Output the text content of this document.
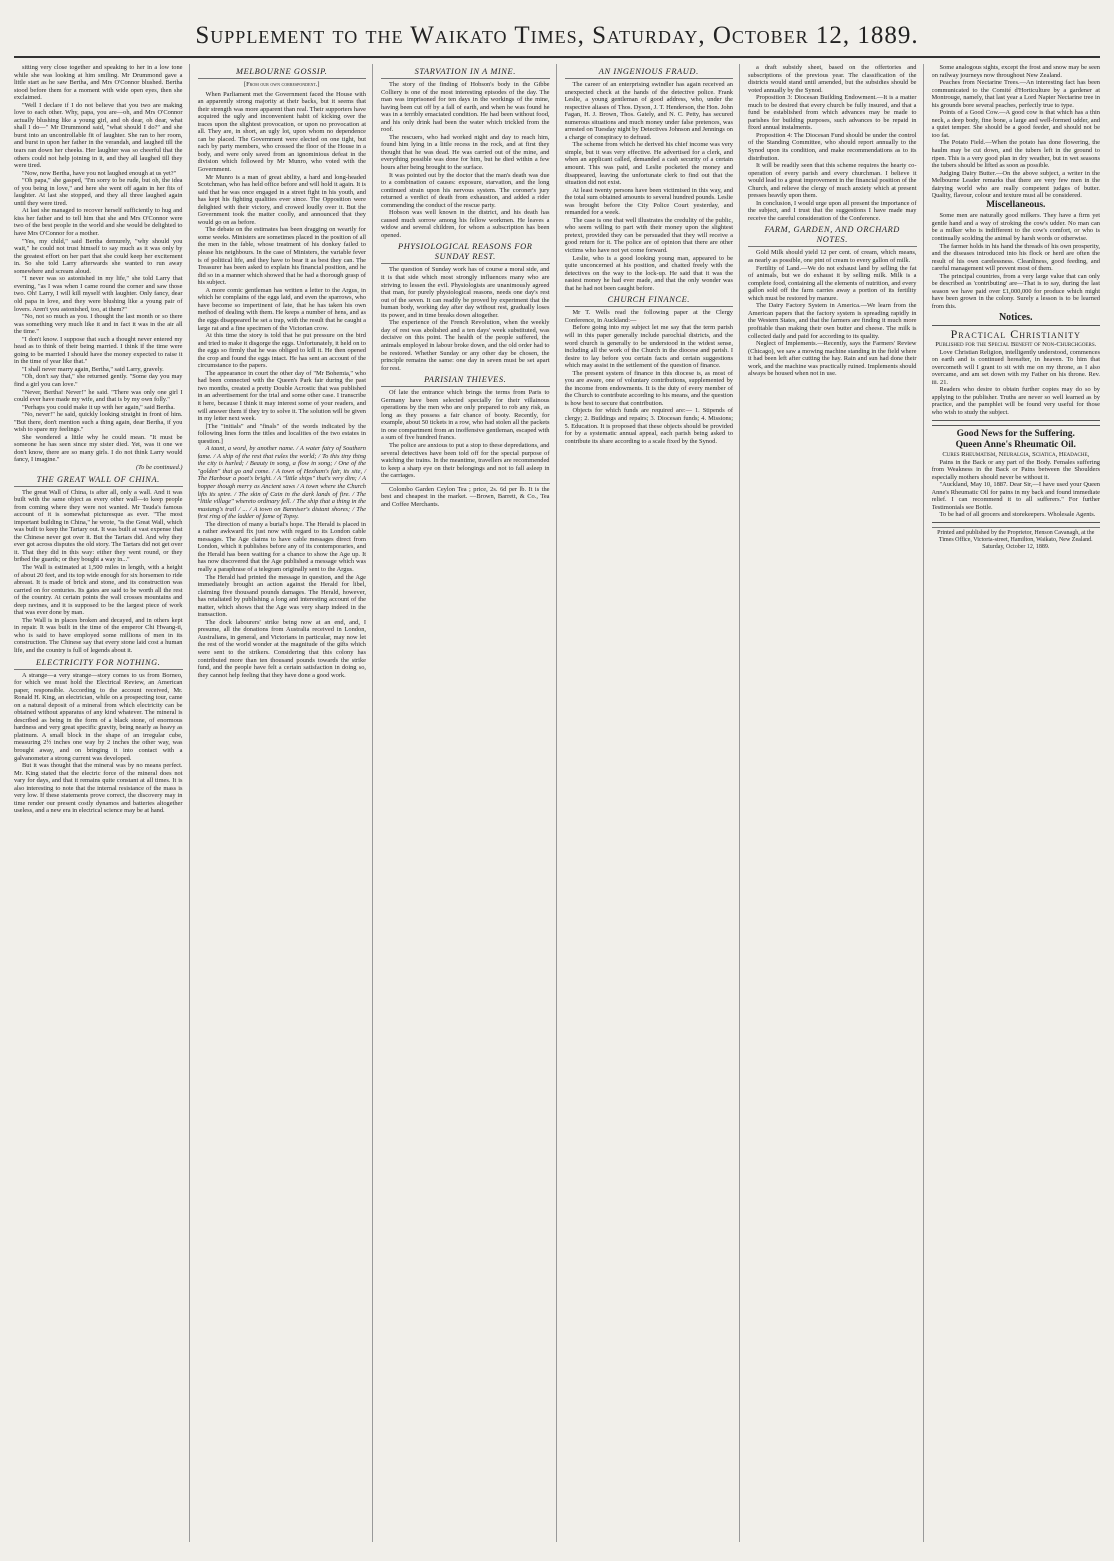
Supplement to the Waikato Times, Saturday, October 12, 1889.

sitting very close together and speaking to her in a low tone while she was looking at him smiling. Mr Drummond gave a little start as he saw Bertha, and Mrs O'Connor blushed. Bertha stood before them for a moment with wide open eyes, then she exclaimed.

"Well I declare if I do not believe that you two are making love to each other. Why, papa, you are—oh, and Mrs O'Connor actually blushing like a young girl, and oh dear, oh dear, what shall I do—" Mr Drummond said, "what should I do?" and she burst into an uncontrollable fit of laughter. She ran to her room, and burst in upon her father in the verandah, and laughed till the tears ran down her cheeks. Her laughter was so cheerful that the others could not help joining in it, and they all laughed till they were tired.

"Now, now Bertha, have you not laughed enough at us yet?"

"Oh papa," she gasped, "I'm sorry to be rude, but oh, the idea of you being in love," and here she went off again in her fits of laughter. At last she stopped, and they all three laughed again until they were tired.

At last she managed to recover herself sufficiently to hug and kiss her father and to tell him that she and Mrs O'Connor were two of the best people in the world and she would be delighted to have Mrs O'Connor for a mother.

"Yes, my child," said Bertha demurely, "why should you wait," he could not trust himself to say much as it was only by the greatest effort on her part that she could keep her excitement in. So she told Larry afterwards she wanted to run away somewhere and scream aloud.

"I never was so astonished in my life," she told Larry that evening, "as I was when I came round the corner and saw those two. Oh! Larry, I will kill myself with laughter. Only fancy, dear old papa in love, and they were blushing like a young pair of lovers. Aren't you astonished, too, at them?"

"No, not so much as you. I thought the last month or so there was something very much like it and in fact it was in the air all the time."

"I don't know. I suppose that such a thought never entered my head as to think of their being married. I think if the time were going to be married I should have the money expected to raise it in the time of year like that."

"I shall never marry again, Bertha," said Larry, gravely.

"Oh, don't say that," she returned gently. "Some day you may find a girl you can love."

"Never, Bertha! Never!" he said. "There was only one girl I could ever have made my wife, and that is by my own folly."

"Perhaps you could make it up with her again," said Bertha.

"No, never!" he said, quickly looking straight in front of him. "But there, don't mention such a thing again, dear Bertha, if you wish to spare my feelings."

She wondered a little why he could mean. "It must be someone he has seen since my sister died. Yet, was it one we don't know, there are so many girls. I do not think Larry would fancy, I imagine."

(To be continued.)

THE GREAT WALL OF CHINA.

The great Wall of China, is after all, only a wall. And it was built with the same object as every other wall—to keep people from coming where they were not wanted. Mr Tsuda's famous account of it is somewhat picturesque as ever. "The most important building in China," he wrote, "is the Great Wall, which was built to keep the Tartary out. It was built at vast expense that the Chinese never got over it. But the Tartars did. And why they ever got across disputes the old story. The Tartars did not get over it. That they did in this way: either they went round, or they bribed the guards; or they bought a way in..."

The Wall is estimated at 1,500 miles in length, with a height of about 20 feet, and its top wide enough for six horsemen to ride abreast. It is made of brick and stone, and its construction was carried on for centuries. Its gates are said to be worth all the rest of the country. At certain points the wall crosses mountains and deep ravines, and it is supposed to be the largest piece of work that was ever done by man.

The Wall is in places broken and decayed, and in others kept in repair. It was built in the time of the emperor Chi Hwang-ti, who is said to have employed some millions of men in its construction. The Chinese say that every stone laid cost a human life, and the country is full of legends about it.

ELECTRICITY FOR NOTHING.

A strange—a very strange—story comes to us from Borneo, for which we must hold the Electrical Review, an American paper, responsible. According to the account received, Mr. Ronald H. King, an electrician, while on a prospecting tour, came on a natural deposit of a mineral from which electricity can be obtained without apparatus of any kind whatever. The mineral is described as being in the form of a black stone, of enormous hardness and very great specific gravity, being nearly as heavy as platinum. A small block in the shape of an irregular cube, measuring 2½ inches one way by 2 inches the other way, was brought away, and on bringing it into contact with a galvanometer a strong current was developed.

But it was thought that the mineral was by no means perfect. Mr. King stated that the electric force of the mineral does not vary for days, and that it remains quite constant at all times. It is also interesting to note that the internal resistance of the mass is very low. If these statements prove correct, the discovery may in time render our present costly dynamos and batteries altogether useless, and a new era in electrical science may be at hand.

MELBOURNE GOSSIP.
[From our own correspondent.]

When Parliament met the Government faced the House with an apparently strong majority at their backs, but it seems that their strength was more apparent than real. Their supporters have acquired the ugly and inconvenient habit of kicking over the traces upon the slightest provocation, or upon no provocation at all. They are, in short, an ugly lot, upon whom no dependence can be placed. The Government were elected on one tight, but each by party members, who crossed the floor of the House in a body, and were only saved from an ignominious defeat in the division which followed by Mr Munro, who voted with the Government.

Mr Munro is a man of great ability, a hard and long-headed Scotchman, who has held office before and will hold it again. It is said that he was once engaged in a street fight in his youth, and has kept his fighting qualities ever since. The Opposition were delighted with their victory, and crowed loudly over it. But the Government took the matter coolly, and announced that they would go on as before.

The debate on the estimates has been dragging on wearily for some weeks. Ministers are sometimes placed in the position of all the men in the fable, whose treatment of his donkey failed to please his neighbours. In the case of Ministers, the variable fever is of political life, and they have to bear it as best they can. The Treasurer has been asked to explain his financial position, and he did so in a manner which showed that he had a thorough grasp of his subject.

A more comic gentleman has written a letter to the Argus, in which he complains of the eggs laid, and even the sparrows, who have become so impertinent of late, that he has taken his own method of dealing with them. He keeps a number of hens, and as the eggs disappeared he set a trap, with the result that he caught a large rat and a fine specimen of the Victorian crow.

At this time the story is told that he put pressure on the bird and tried to make it disgorge the eggs. Unfortunately, it held on to the eggs so firmly that he was obliged to kill it. He then opened the crop and found the eggs intact. He has sent an account of the circumstance to the papers.

The appearance in court the other day of "Mr Bohemia," who had been connected with the Queen's Park fair during the past two months, created a pretty Double Acrostic that was published in an advertisement for the trial and some other case. I transcribe it here, because I think it may interest some of your readers, and will answer them if they try to solve it. The solution will be given in my letter next week.

[The "initials" and "finals" of the words indicated by the following lines form the titles and localities of the two estates in question.]

A taunt, a word, by another name. / A water fairy of Southern fame. / A ship of the rest that rules the world; / To this tiny thing the city is hurled; / Beauty in song, a flow in song; / One of the "golden" that go and come. / A town of Hexham's fair, its site, / The Harbour a poet's bright. / A "little ships" that's very dim; / A hopper though merry as Ancient saws / A town where the Church lifts its spire. / The skin of Cain in the dark lands of fire. / The "little village" whereto ordinary fell. / The ship that a thing in the mustang's trail / ... / A town on Banniser's distant shores; / The first ring of the ladder of fame of Topsy.

The direction of many a burial's hope. The Herald is placed in a rather awkward fix just now with regard to its London cable messages. The Age claims to have cable messages direct from London, which it publishes before any of its contemporaries, and the Herald has been waiting for a chance to show the Age up. It has now discovered that the Age published a message which was really a paraphrase of a telegram originally sent to the Argus.

The Herald had printed the message in question, and the Age immediately brought an action against the Herald for libel, claiming five thousand pounds damages. The Herald, however, has retaliated by publishing a long and interesting account of the matter, which shows that the Age was very sharp indeed in the transaction.

The dock labourers' strike being now at an end, and, I presume, all the donations from Australia received in London, Australians, in general, and Victorians in particular, may now let the rest of the world wonder at the magnitude of the gifts which were sent to the strikers. Considering that this colony has contributed more than ten thousand pounds towards the strike fund, and the people have felt a certain satisfaction in doing so, they cannot help feeling that they have done a good work.

STARVATION IN A MINE.

The story of the finding of Hobson's body in the Gibbe Colliery is one of the most interesting episodes of the day. The man was imprisoned for ten days in the workings of the mine, having been cut off by a fall of earth, and when he was found he was in a terribly emaciated condition. He had been without food, and his only drink had been the water which trickled from the roof.

The rescuers, who had worked night and day to reach him, found him lying in a little recess in the rock, and at first they thought that he was dead. He was carried out of the mine, and everything possible was done for him, but he died within a few hours after being brought to the surface.

It was pointed out by the doctor that the man's death was due to a combination of causes: exposure, starvation, and the long continued strain upon his nervous system. The coroner's jury returned a verdict of death from exhaustion, and added a rider commending the conduct of the rescue party.

Hobson was well known in the district, and his death has caused much sorrow among his fellow workmen. He leaves a widow and several children, for whom a subscription has been opened.

PHYSIOLOGICAL REASONS FOR SUNDAY REST.

The question of Sunday work has of course a moral side, and it is that side which most strongly influences many who are striving to lessen the evil. Physiologists are unanimously agreed that man, for purely physiological reasons, needs one day's rest out of the seven. It can readily be proved by experiment that the human body, working day after day without rest, gradually loses its power, and in time breaks down altogether.

The experience of the French Revolution, when the weekly day of rest was abolished and a ten days' week substituted, was decisive on this point. The health of the people suffered, the animals employed in labour broke down, and the old order had to be restored. Whether Sunday or any other day be chosen, the principle remains the same: one day in seven must be set apart for rest.

PARISIAN THIEVES.

Of late the entrance which brings the terms from Paris to Germany have been selected specially for their villainous operations by the men who are only prepared to rob any risk, as long as they possess a fair chance of booty. Recently, for example, about 50 tickets in a row, who had stolen all the packets in one compartment from an inoffensive gentleman, escaped with a sum of five hundred francs.

The police are anxious to put a stop to these depredations, and several detectives have been told off for the special purpose of watching the trains. In the meantime, travellers are recommended to keep a sharp eye on their belongings and not to fall asleep in the carriages.

Colombo Garden Ceylon Tea ; price, 2s. 6d per lb. It is the best and cheapest in the market. —Brown, Barrett, & Co., Tea and Coffee Merchants.

AN INGENIOUS FRAUD.

The career of an enterprising swindler has again received an unexpected check at the hands of the detective police. Frank Leslie, a young gentleman of good address, who, under the respective aliases of Thos. Dyson, J. T. Henderson, the Hon. John Fagan, H. J. Brown, Thos. Gately, and N. C. Petty, has secured numerous situations and much money under false pretences, was arrested on Tuesday night by Detectives Johnson and Jennings on a charge of conspiracy to defraud.

The scheme from which he derived his chief income was very simple, but it was very effective. He advertised for a clerk, and when an applicant called, demanded a cash security of a certain amount. This was paid, and Leslie pocketed the money and disappeared, leaving the unfortunate clerk to find out that the situation did not exist.

At least twenty persons have been victimised in this way, and the total sum obtained amounts to several hundred pounds. Leslie was brought before the City Police Court yesterday, and remanded for a week.

The case is one that well illustrates the credulity of the public, who seem willing to part with their money upon the slightest pretext, provided they can be persuaded that they will receive a good return for it. The police are of opinion that there are other victims who have not yet come forward.

Leslie, who is a good looking young man, appeared to be quite unconcerned at his position, and chatted freely with the detectives on the way to the lock-up. He said that it was the easiest money he had ever made, and that the only wonder was that he had not been caught before.

CHURCH FINANCE.

Mr T. Wells read the following paper at the Clergy Conference, in Auckland:—

Before going into my subject let me say that the term parish will in this paper generally include parochial districts, and the word church is generally to be understood in the widest sense, including all the work of the Church in the diocese and parish. I desire to lay before you certain facts and certain suggestions which may assist in the settlement of the question of finance.

The present system of finance in this diocese is, as most of you are aware, one of voluntary contributions, supplemented by the income from endowments. It is the duty of every member of the Church to contribute according to his means, and the question is how best to secure that contribution.

Objects for which funds are required are:— 1. Stipends of clergy; 2. Buildings and repairs; 3. Diocesan funds; 4. Missions; 5. Education. It is proposed that these objects should be provided for by a systematic annual appeal, each parish being asked to contribute its share according to a scale fixed by the Synod.

a draft subsidy sheet, based on the offertories and subscriptions of the previous year. The classification of the districts would stand until amended, but the subsidies should be voted annually by the Synod.

Proposition 3: Diocesan Building Endowment.—It is a matter much to be desired that every church be fully insured, and that a fund be established from which advances may be made to parishes for building purposes, such advances to be repaid in fixed annual instalments.

Proposition 4: The Diocesan Fund should be under the control of the Standing Committee, who should report annually to the Synod upon its condition, and make recommendations as to its distribution.

It will be readily seen that this scheme requires the hearty co-operation of every parish and every churchman. I believe it would lead to a great improvement in the financial position of the Church, and relieve the clergy of much anxiety which at present presses heavily upon them.

In conclusion, I would urge upon all present the importance of the subject, and I trust that the suggestions I have made may receive the careful consideration of the Conference.

FARM, GARDEN, AND ORCHARD NOTES.

Gold Milk should yield 12 per cent. of cream, which means, as nearly as possible, one pint of cream to every gallon of milk.

Fertility of Land.—We do not exhaust land by selling the fat of animals, but we do exhaust it by selling milk. Milk is a complete food, containing all the elements of nutrition, and every gallon sold off the farm carries away a portion of its fertility which must be restored by manure.

The Dairy Factory System in America.—We learn from the American papers that the factory system is spreading rapidly in the Western States, and that the farmers are finding it much more profitable than making their own butter and cheese. The milk is collected daily and paid for according to its quality.

Neglect of Implements.—Recently, says the Farmers' Review (Chicago), we saw a mowing machine standing in the field where it had been left after cutting the hay. Rain and sun had done their work, and the machine was practically ruined. Implements should always be housed when not in use.

Some analogous sights, except the frost and snow may be seen on railway journeys now throughout New Zealand.

Peaches from Nectarine Trees.—An interesting fact has been communicated to the Comité d'Horticulture by a gardener at Montrouge, namely, that last year a Lord Napier Nectarine tree in his grounds bore several peaches, perfectly true to type.

Points of a Good Cow.—A good cow is that which has a thin neck, a deep body, fine bone, a large and well-formed udder, and a quiet temper. She should be a good feeder, and should not be too fat.

The Potato Field.—When the potato has done flowering, the haulm may be cut down, and the tubers left in the ground to ripen. This is a very good plan in dry weather, but in wet seasons the tubers should be lifted as soon as possible.

Judging Dairy Butter.—On the above subject, a writer in the Melbourne Leader remarks that there are very few men in the dairying world who are really competent judges of butter. Quality, flavour, colour and texture must all be considered.

Miscellaneous.

Some men are naturally good milkers. They have a firm yet gentle hand and a way of stroking the cow's udder. No man can be a milker who is indifferent to the cow's comfort, or who is continually scolding the animal by harsh words or otherwise.

The farmer holds in his hand the threads of his own prosperity, and the diseases introduced into his flock or herd are often the result of his own carelessness. Cleanliness, good feeding, and careful management will prevent most of them.

The principal countries, from a very large value that can only be described as 'contributing' are—That is to say, during the last season we have paid over £1,000,000 for produce which might have been grown in the colony. Surely a lesson is to be learned from this.

Notices.
Practical Christianity
Published for the Special Benefit of Non-Churchgoers.

Love Christian Religion, intelligently understood, commences on earth and is continued hereafter, in heaven. To him that overcometh will I grant to sit with me on my throne, as I also overcame, and am set down with my Father on his throne. Rev. iii. 21.

Readers who desire to obtain further copies may do so by applying to the publisher. Truths are never so well learned as by practice, and the pamphlet will be found very useful for those who wish to study the subject.

Good News for the Suffering.
Queen Anne's Rheumatic Oil.
Cures Rheumatism, Neuralgia, Sciatica, Headache,

Pains in the Back or any part of the Body. Females suffering from Weakness in the Back or Pains between the Shoulders especially mothers should never be without it.

"Auckland, May 10, 1887. Dear Sir,—I have used your Queen Anne's Rheumatic Oil for pains in my back and found immediate relief. I can recommend it to all sufferers." For further Testimonials see Bottle.

To be had of all grocers and storekeepers. Wholesale Agents.

Printed and published by the Proprietor, Henson Cavanagh, at the Times Office, Victoria-street, Hamilton, Waikato, New Zealand. Saturday, October 12, 1889.
